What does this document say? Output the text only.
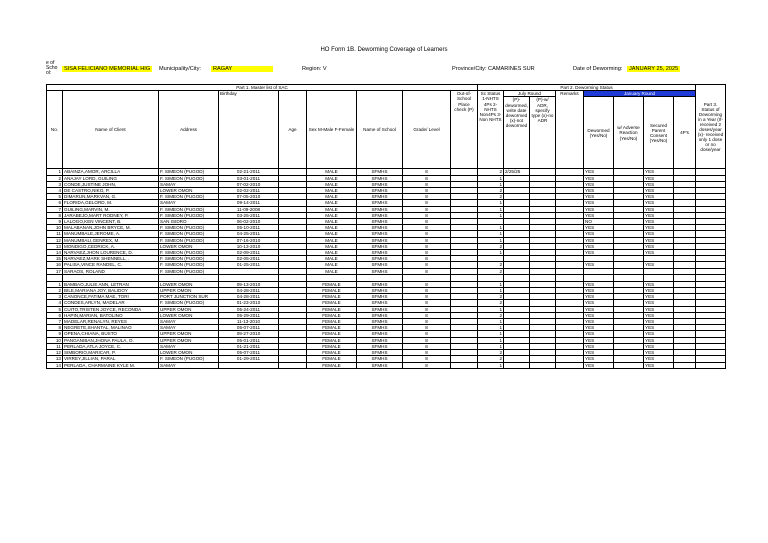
HO Form 1B. Deworming Coverage of Learners
e of Scho ol:
SISA FELICIANO MEMORIAL HIG	Municipality/City:	RAGAY	Region: V	Province/City: CAMARINES SUR	Date of Deworming:	JANUARY 25, 2025
Part 1. Master list of SAC									Part 2. Deworming Status								Part 3. Status of Deworming in a Year (If- received 2 doses/year (x)- received only 1 dose or no dose/year
No.	Name of Client	Address	Birthday	Age	Sex M-Male F-Female	Name of School	Grade/ Level	Out-of-School Place check (P)	Sc Status 1-NHTS 4Ps 2-NHTS Non4Ps 3-Non NHTS	July Round		Remarks	January Round				
										(P)- dewormed, write date dewormed (x)-not dewormed	(P)-w/ ADR, specify type (x)-no ADR		Dewormed (Yes/No)	w/ Adverse Reaction (Yes/No)	Secured Parent Consent (Yes/No)	4P's	
1	ABAINZA,AMOR, ARCILLA	F. SIMEON (PUGOD)	02-21-2011		MALE	SFMHS	8		2	2/25/25			YES		YES		
2	ANAJAY LORD, GUILING	F. SIMEON (PUGOD)	03-01-2011		MALE	SFMHS	8		1				YES		YES		
3	CONDE,JUSTINE JOHN,	SAMAY	07-02-2010		MALE	SFMHS	8		1				YES		YES		
4	DE CASTRO,NIKO, P.	LOWER OMON	02-02-2011		MALE	SFMHS	8		2				YES		YES		
5	DIMARUN,MARKVAN, G.	F. SIMEON (PUGOD)	07-05-2010		MALE	SFMHS	8		2				YES		YES		
6	FLORIDA,GELORD, M.	SAMAY	09-14-2011		MALE	SFMHS	8		1				YES		YES		
7	GUILING,MARVIN, M.	F. SIMEON (PUGOD)	11-09-2008		MALE	SFMHS	8		1				YES		YES		
8	JARABEJO,MART RODNEY, P.	F. SIMEON (PUGOD)	03-25-2011		MALE	SFMHS	8		1				YES		YES		
9	LALOGO,KEN VINCENT, B.	SAN ISIDRO	06-02-2010		MALE	SFMHS	8						NO		YES		
10	MALABANAN,JOHN BRYCE, M.	F. SIMEON (PUGOD)	05-10-2011		MALE	SFMHS	8		1				YES		YES		
11	MANUMBALE,JEROME, A.	F. SIMEON (PUGOD)	04-25-2011		MALE	SFMHS	8		1				YES		YES		
12	MANUMBALI,GENREX, M.	F. SIMEON (PUGOD)	07-16-2010		MALE	SFMHS	8		1				YES		YES		
13	MONDIGO,CEDRICK, A.	LOWER OMON	10-13-2010		MALE	SFMHS	8		2				YES		YES		
14	NARVAEZ,JHON LOURENCE, D.	F. SIMEON (PUGOD)	02-09-2011		MALE	SFMHS	8		1				YES		YES		
15	NARVAEZ,MARK SHENNELL, .	F. SIMEON (PUGOD)	02-05-2011		MALE	SFMHS	8										
16	PALISA,VINCE RANDEL, C.	F. SIMEON (PUGOD)	01-25-2011		MALE	SFMHS	8		2				YES		YES		
17	SARAOS, ROLAND	F. SIMEON (PUGOD)			MALE	SFMHS	8		2								

1	BAMBAO,JULIE ANN, LETRAN	LOWER OMON	09-13-2010		FEMALE	SFMHS	8		1				YES		YES		
2	BILE,MARIANA JOY, BALIDOY	UPPER OMON	04-28-2011		FEMALE	SFMHS	8		1				YES		YES		
3	CANONCE,FATIMA MAE, TORI	PORT JUNCTION SUR	04-28-2011		FEMALE	SFMHS	8		2				YES		YES		
4	CONDES,ARLYN, MADELAR	F. SIMEON (PUGOD)	01-23-2010		FEMALE	SFMHS	8		2				YES		YES		
5	CUITO,TRISTEN JOYCE, RECONDA	UPPER OMON	05-24-2011		FEMALE	SFMHS	8		1				YES		YES		
6	HAPIN,MARIAN, BATOLINO	LOWER OMON	05-29-2011		FEMALE	SFMHS	8		2				YES		YES		
7	MADELAR,RENALYN, REYES	SAMAY	11-13-2010		FEMALE	SFMHS	8		1				YES		YES		
8	NEGRETE,SHANTAL, MALINAO	SAMAY	05-07-2011		FEMALE	SFMHS	8		1				YES		YES		
9	OPENA,CHIANA, BUSTO	UPPER OMON	09-27-2010		FEMALE	SFMHS	8		1				YES		YES		
10	PANGANIBAN,JHONA PAULA, O.	UPPER OMON	05-01-2011		FEMALE	SFMHS	8		1				YES		YES		
11	PERLADA,ATLA JOYCE, C.	SAMAY	01-21-2011		FEMALE	SFMHS	8		1				YES		YES		
12	SIMBORIO,MARICAR, P.	LOWER OMON	05-07-2011		FEMALE	SFMHS	8		2				YES		YES		
13	VIRREY,JILLIAN, PARAL	F. SIMEON (PUGOD)	01-29-2011		FEMALE	SFMHS	8		2				YES		YES		
14	PERLADA, CHARMAINE KYLE M.	SAMAY			FEMALE	SFMHS	8		1				YES		YES		
